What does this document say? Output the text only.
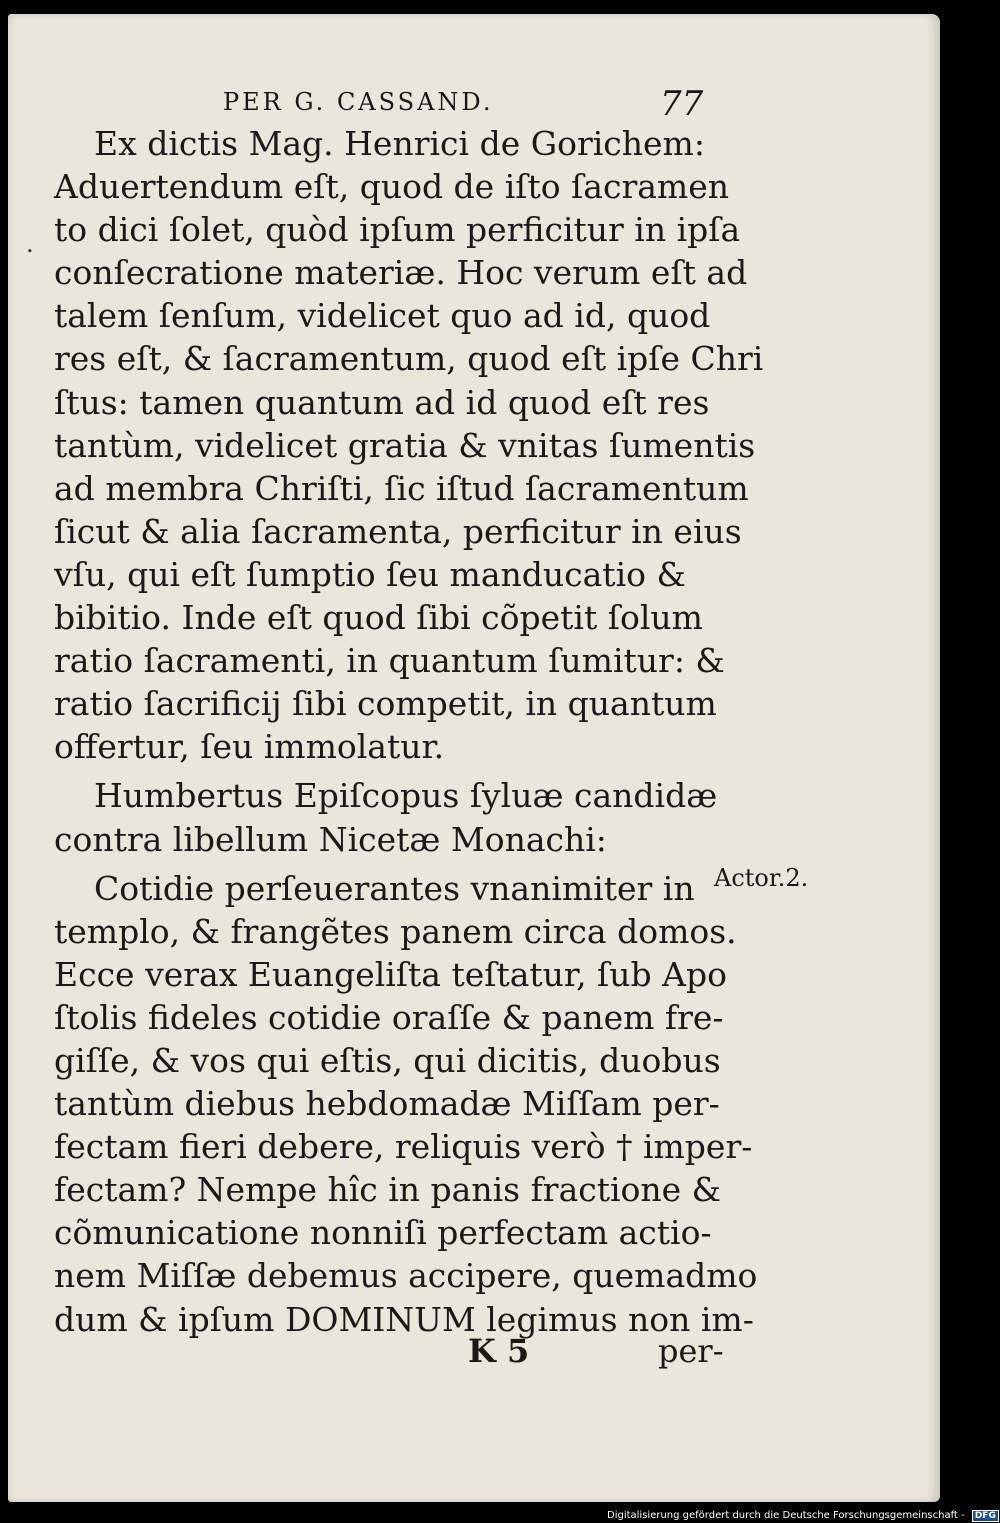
PER G. CASSAND.	77
.
Ex dictis Mag. Henrici de Gorichem:
Aduertendum eſt, quod de iſto ſacramen
to dici ſolet, quòd ipſum perficitur in ipſa
conſecratione materiæ. Hoc verum eſt ad
talem ſenſum, videlicet quo ad id, quod
res eſt, & ſacramentum, quod eſt ipſe Chri
ſtus: tamen quantum ad id quod eſt res
tantùm, videlicet gratia & vnitas ſumentis
ad membra Chriſti, ſic iſtud ſacramentum
ſicut & alia ſacramenta, perficitur in eius
vſu, qui eſt ſumptio ſeu manducatio &
bibitio. Inde eſt quod ſibi cõpetit ſolum
ratio ſacramenti, in quantum ſumitur: &
ratio ſacrificij ſibi competit, in quantum
offertur, ſeu immolatur.
Humbertus Epiſcopus ſyluæ candidæ
contra libellum Nicetæ Monachi:
Cotidie perſeuerantes vnanimiter in
templo, & frangẽtes panem circa domos.
Ecce verax Euangeliſta teſtatur, ſub Apo
ſtolis fideles cotidie oraſſe & panem fre-
giſſe, & vos qui eſtis, qui dicitis, duobus
tantùm diebus hebdomadæ Miſſam per-
fectam fieri debere, reliquis verò † imper-
fectam? Nempe hîc in panis fractione &
cõmunicatione nonniſi perfectam actio-
nem Miſſæ debemus accipere, quemadmo
dum & ipſum DOMINUM legimus non im-
Actor.2.
K 5	per-
Digitalisierung gefördert durch die Deutsche Forschungsgemeinschaft - DFG
